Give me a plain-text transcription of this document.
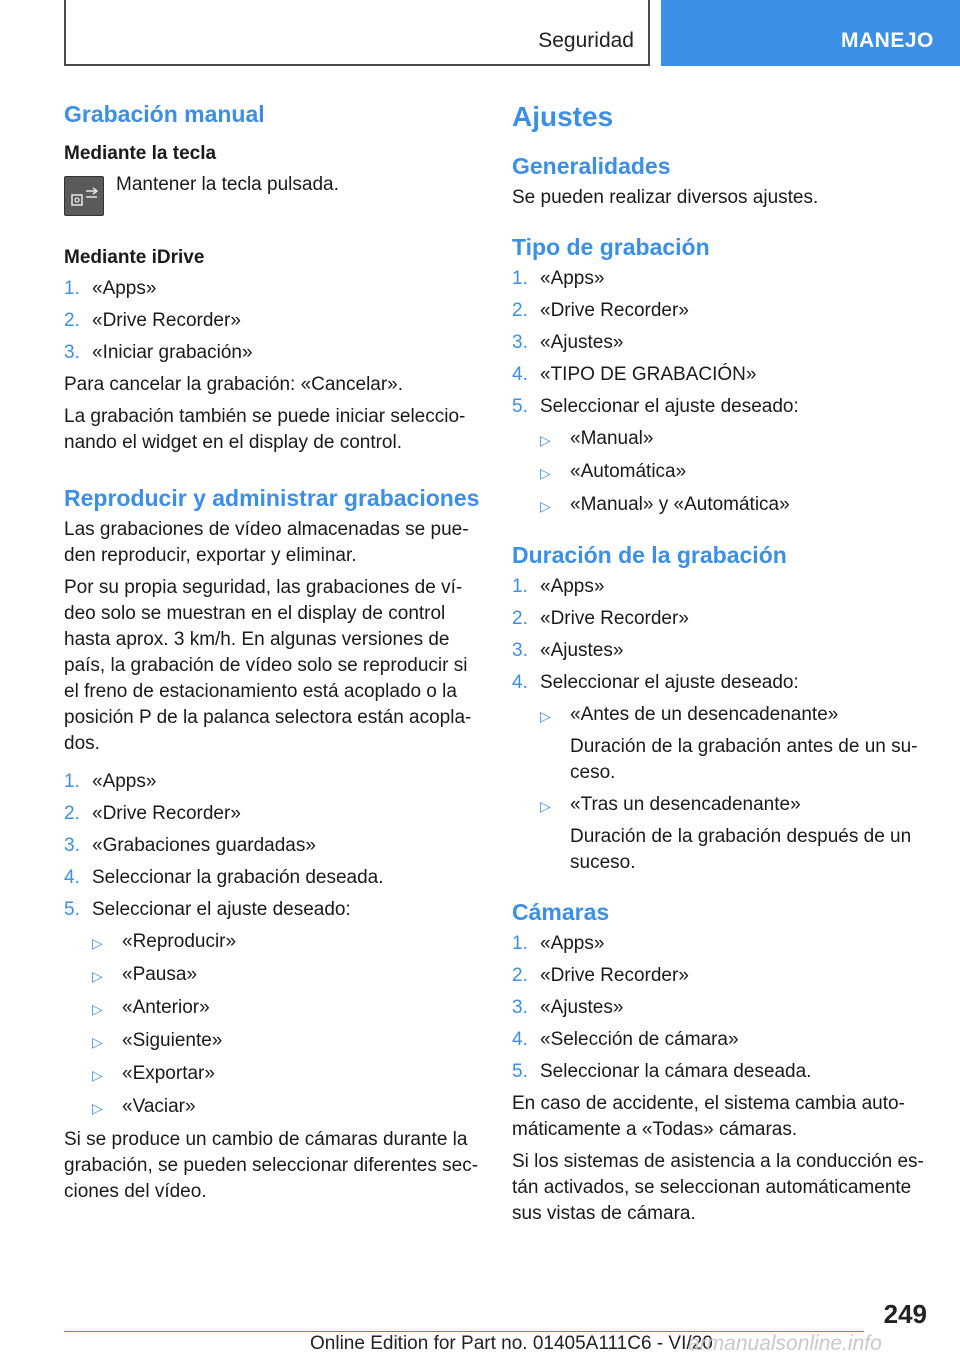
Seguridad	MANEJO
Grabación manual
Mediante la tecla

Mantener la tecla pulsada.

Mediante iDrive
1. «Apps»
2. «Drive Recorder»
3. «Iniciar grabación»

Para cancelar la grabación: «Cancelar».

La grabación también se puede iniciar seleccio‐ nando el widget en el display de control.

Reproducir y administrar grabaciones

Las grabaciones de vídeo almacenadas se pue‐ den reproducir, exportar y eliminar.

Por su propia seguridad, las grabaciones de ví‐ deo solo se muestran en el display de control hasta aprox. 3 km/h. En algunas versiones de país, la grabación de vídeo solo se reproducir si el freno de estacionamiento está acoplado o la posición P de la palanca selectora están acopla‐ dos.

1. «Apps»
2. «Drive Recorder»
3. «Grabaciones guardadas»
4. Seleccionar la grabación deseada.
5. Seleccionar el ajuste deseado:
▷	«Reproducir»
▷	«Pausa»
▷	«Anterior»
▷	«Siguiente»
▷	«Exportar»
▷	«Vaciar»

Si se produce un cambio de cámaras durante la grabación, se pueden seleccionar diferentes sec‐ ciones del vídeo.

Ajustes
Generalidades

Se pueden realizar diversos ajustes.

Tipo de grabación
1. «Apps»
2. «Drive Recorder»
3. «Ajustes»
4. «TIPO DE GRABACIÓN»
5. Seleccionar el ajuste deseado:
▷	«Manual»
▷	«Automática»
▷	«Manual» y «Automática»
Duración de la grabación
1. «Apps»
2. «Drive Recorder»
3. «Ajustes»
4. Seleccionar el ajuste deseado:
▷	«Antes de un desencadenante»
Duración de la grabación antes de un su‐ ceso.
▷	«Tras un desencadenante»
Duración de la grabación después de un suceso.
Cámaras
1. «Apps»
2. «Drive Recorder»
3. «Ajustes»
4. «Selección de cámara»
5. Seleccionar la cámara deseada.

En caso de accidente, el sistema cambia auto‐ máticamente a «Todas» cámaras.

Si los sistemas de asistencia a la conducción es‐ tán activados, se seleccionan automáticamente sus vistas de cámara.

249
Online Edition for Part no. 01405A111C6 - VI/20
armanualsonline.info
